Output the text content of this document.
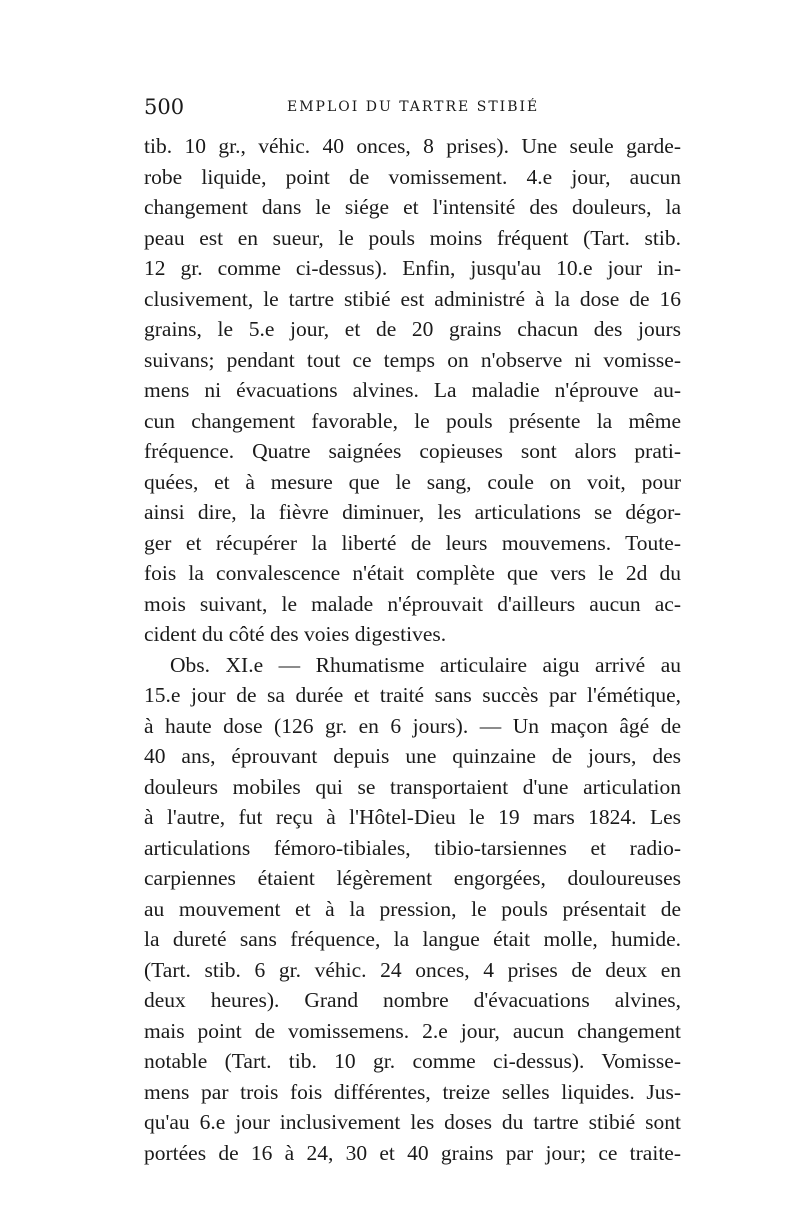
500	EMPLOI DU TARTRE STIBIÉ
tib. 10 gr., véhic. 40 onces, 8 prises). Une seule garde-
robe liquide, point de vomissement. 4.e jour, aucun
changement dans le siége et l'intensité des douleurs, la
peau est en sueur, le pouls moins fréquent (Tart. stib.
12 gr. comme ci-dessus). Enfin, jusqu'au 10.e jour in-
clusivement, le tartre stibié est administré à la dose de 16
grains, le 5.e jour, et de 20 grains chacun des jours
suivans; pendant tout ce temps on n'observe ni vomisse-
mens ni évacuations alvines. La maladie n'éprouve au-
cun changement favorable, le pouls présente la même
fréquence. Quatre saignées copieuses sont alors prati-
quées, et à mesure que le sang, coule on voit, pour
ainsi dire, la fièvre diminuer, les articulations se dégor-
ger et récupérer la liberté de leurs mouvemens. Toute-
fois la convalescence n'était complète que vers le 2d du
mois suivant, le malade n'éprouvait d'ailleurs aucun ac-
cident du côté des voies digestives.
Obs. XI.e — Rhumatisme articulaire aigu arrivé au
15.e jour de sa durée et traité sans succès par l'émétique,
à haute dose (126 gr. en 6 jours). — Un maçon âgé de
40 ans, éprouvant depuis une quinzaine de jours, des
douleurs mobiles qui se transportaient d'une articulation
à l'autre, fut reçu à l'Hôtel-Dieu le 19 mars 1824. Les
articulations fémoro-tibiales, tibio-tarsiennes et radio-
carpiennes étaient légèrement engorgées, douloureuses
au mouvement et à la pression, le pouls présentait de
la dureté sans fréquence, la langue était molle, humide.
(Tart. stib. 6 gr. véhic. 24 onces, 4 prises de deux en
deux heures). Grand nombre d'évacuations alvines,
mais point de vomissemens. 2.e jour, aucun changement
notable (Tart. tib. 10 gr. comme ci-dessus). Vomisse-
mens par trois fois différentes, treize selles liquides. Jus-
qu'au 6.e jour inclusivement les doses du tartre stibié sont
portées de 16 à 24, 30 et 40 grains par jour; ce traite-
